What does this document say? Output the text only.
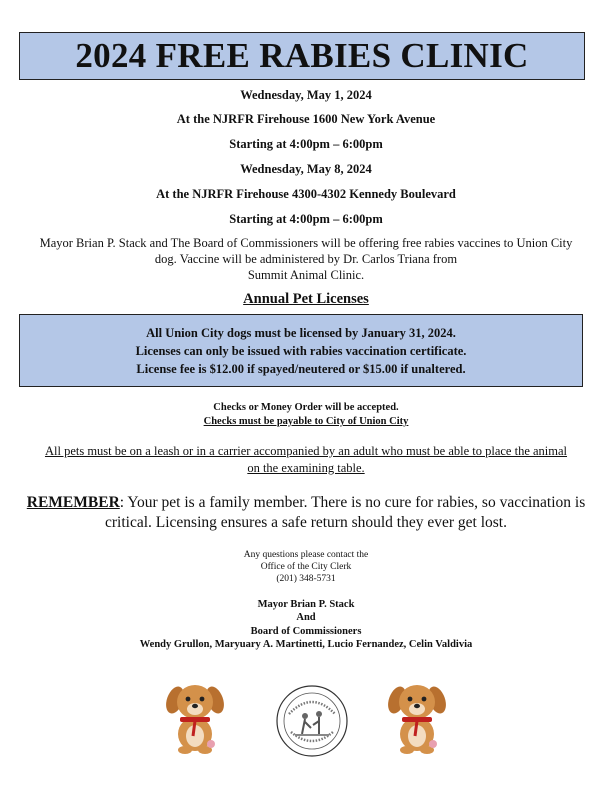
2024 FREE RABIES CLINIC
Wednesday, May 1, 2024
At the NJRFR Firehouse 1600 New York Avenue
Starting at 4:00pm – 6:00pm
Wednesday, May 8, 2024
At the NJRFR Firehouse 4300-4302 Kennedy Boulevard
Starting at 4:00pm – 6:00pm
Mayor Brian P. Stack and The Board of Commissioners will be offering free rabies vaccines to Union City
dog. Vaccine will be administered by Dr. Carlos Triana from
Summit Animal Clinic.
Annual Pet Licenses
All Union City dogs must be licensed by January 31, 2024.
Licenses can only be issued with rabies vaccination certificate.
License fee is $12.00 if spayed/neutered or $15.00 if unaltered.
Checks or Money Order will be accepted.
Checks must be payable to City of Union City
All pets must be on a leash or in a carrier accompanied by an adult who must be able to place the animal
on the examining table.
REMEMBER: Your pet is a family member. There is no cure for rabies, so vaccination is
critical. Licensing ensures a safe return should they ever get lost.
Any questions please contact the
Office of the City Clerk
(201) 348-5731
Mayor Brian P. Stack
And
Board of Commissioners
Wendy Grullon, Maryuary A. Martinetti, Lucio Fernandez, Celin Valdivia
